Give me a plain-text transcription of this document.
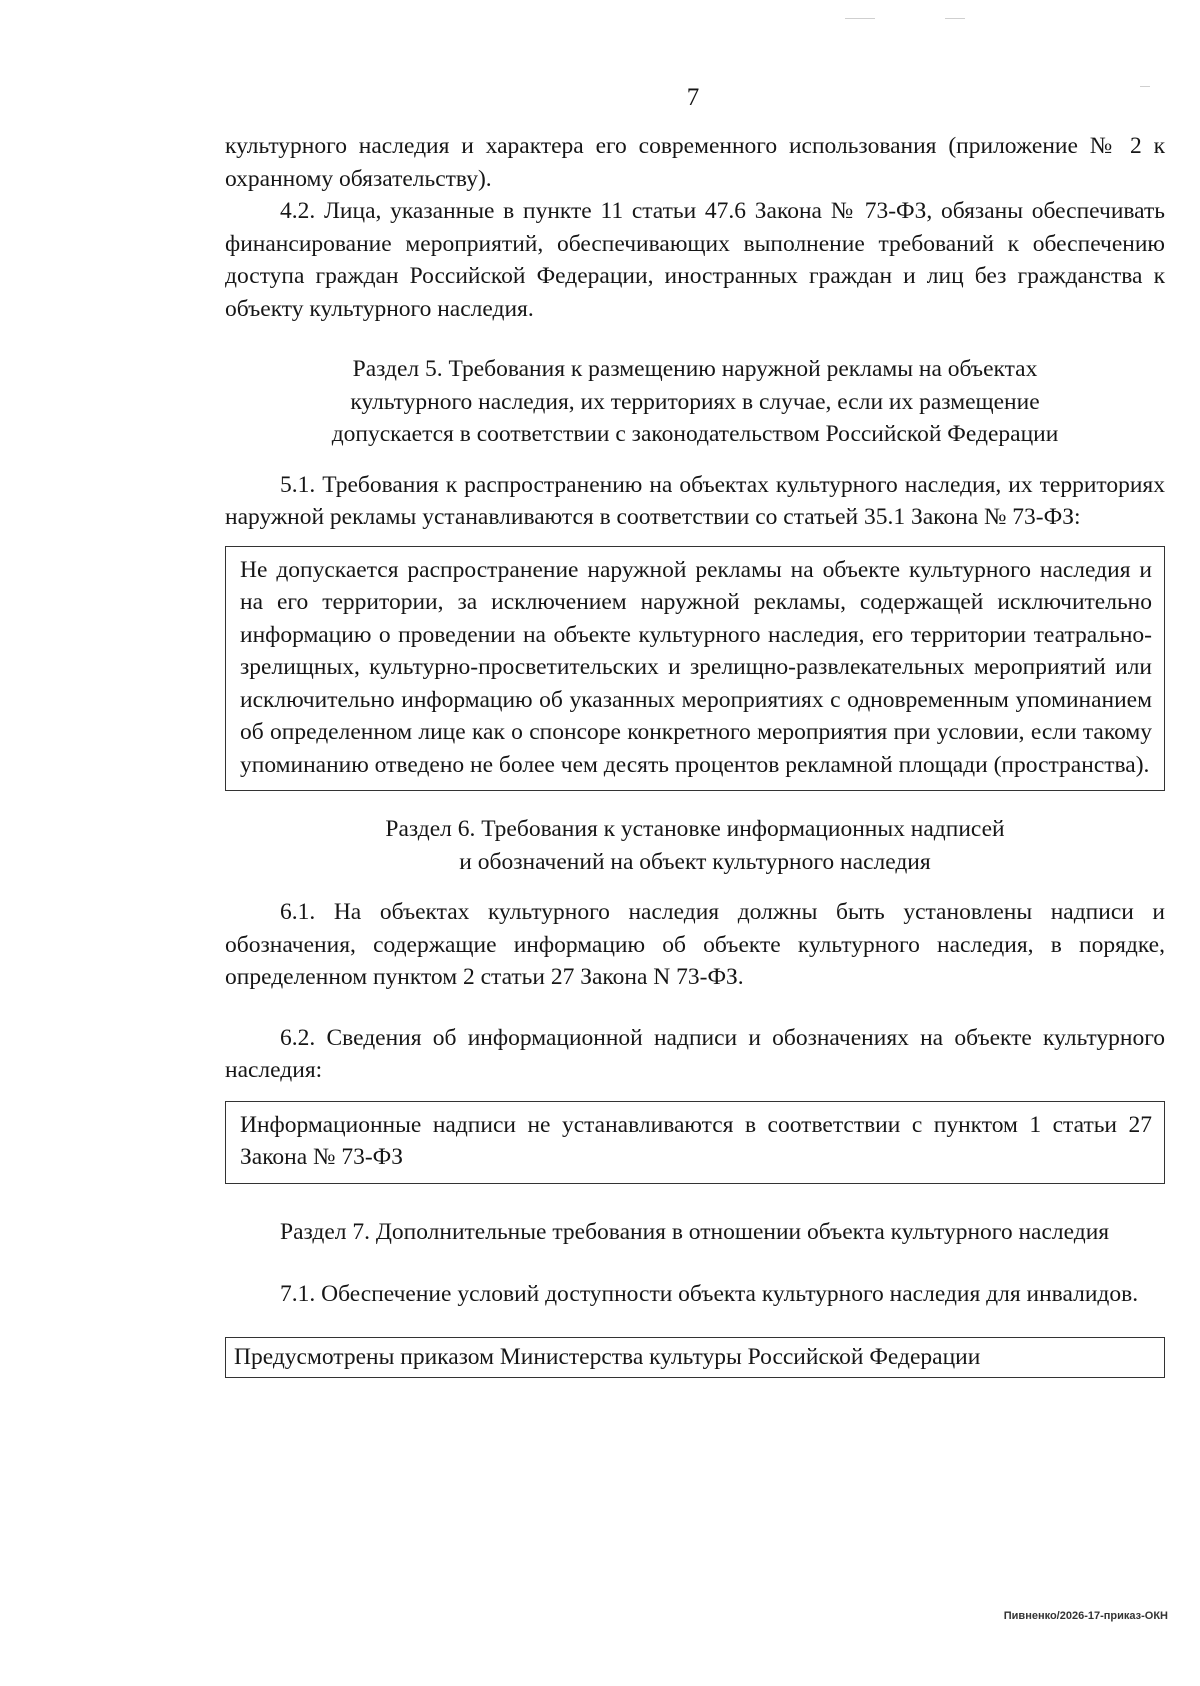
7

культурного наследия и характера его современного использования (приложение № 2 к охранному обязательству).

4.2. Лица, указанные в пункте 11 статьи 47.6 Закона № 73-ФЗ, обязаны обеспечивать финансирование мероприятий, обеспечивающих выполнение требований к обеспечению доступа граждан Российской Федерации, иностранных граждан и лиц без гражданства к объекту культурного наследия.

Раздел 5. Требования к размещению наружной рекламы на объектах
культурного наследия, их территориях в случае, если их размещение
допускается в соответствии с законодательством Российской Федерации

5.1. Требования к распространению на объектах культурного наследия, их территориях наружной рекламы устанавливаются в соответствии со статьей 35.1 Закона № 73-ФЗ:

Не допускается распространение наружной рекламы на объекте культурного наследия и на его территории, за исключением наружной рекламы, содержащей исключительно информацию о проведении на объекте культурного наследия, его территории театрально-зрелищных, культурно-просветительских и зрелищно-развлекательных мероприятий или исключительно информацию об указанных мероприятиях с одновременным упоминанием об определенном лице как о спонсоре конкретного мероприятия при условии, если такому упоминанию отведено не более чем десять процентов рекламной площади (пространства).

Раздел 6. Требования к установке информационных надписей
и обозначений на объект культурного наследия

6.1. На объектах культурного наследия должны быть установлены надписи и обозначения, содержащие информацию об объекте культурного наследия, в порядке, определенном пунктом 2 статьи 27 Закона N 73-ФЗ.

6.2. Сведения об информационной надписи и обозначениях на объекте культурного наследия:

Информационные надписи не устанавливаются в соответствии с пунктом 1 статьи 27 Закона № 73-ФЗ

Раздел 7. Дополнительные требования в отношении объекта культурного наследия

7.1. Обеспечение условий доступности объекта культурного наследия для инвалидов.

Предусмотрены приказом Министерства культуры Российской Федерации
Пивненко/2026-17-приказ-ОКН
